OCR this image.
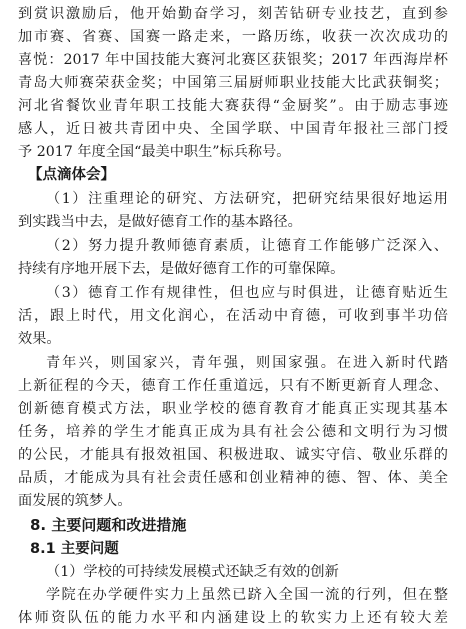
到赏识激励后，他开始勤奋学习，刻苦钻研专业技艺，直到参
加市赛、省赛、国赛一路走来，一路历练，收获一次次成功的
喜悦：2017 年中国技能大赛河北赛区获银奖；2017 年西海岸杯
青岛大师赛荣获金奖；中国第三届厨师职业技能大比武获铜奖；
河北省餐饮业青年职工技能大赛获得“金厨奖”。由于励志事迹
感人，近日被共青团中央、全国学联、中国青年报社三部门授
予 2017 年度全国“最美中职生”标兵称号。
【点滴体会】
（1）注重理论的研究、方法研究，把研究结果很好地运用
到实践当中去，是做好德育工作的基本路径。
（2）努力提升教师德育素质，让德育工作能够广泛深入、
持续有序地开展下去，是做好德育工作的可靠保障。
（3）德育工作有规律性，但也应与时俱进，让德育贴近生
活，跟上时代，用文化润心，在活动中育德，可收到事半功倍
效果。
青年兴，则国家兴，青年强，则国家强。在进入新时代踏
上新征程的今天，德育工作任重道远，只有不断更新育人理念、
创新德育模式方法，职业学校的德育教育才能真正实现其基本
任务，培养的学生才能真正成为具有社会公德和文明行为习惯
的公民，才能具有报效祖国、积极进取、诚实守信、敬业乐群的
品质，才能成为具有社会责任感和创业精神的德、智、体、美全
面发展的筑梦人。
8. 主要问题和改进措施
8.1 主要问题
（1）学校的可持续发展模式还缺乏有效的创新
学院在办学硬件实力上虽然已跻入全国一流的行列，但在整
体师资队伍的能力水平和内涵建设上的软实力上还有较大差
